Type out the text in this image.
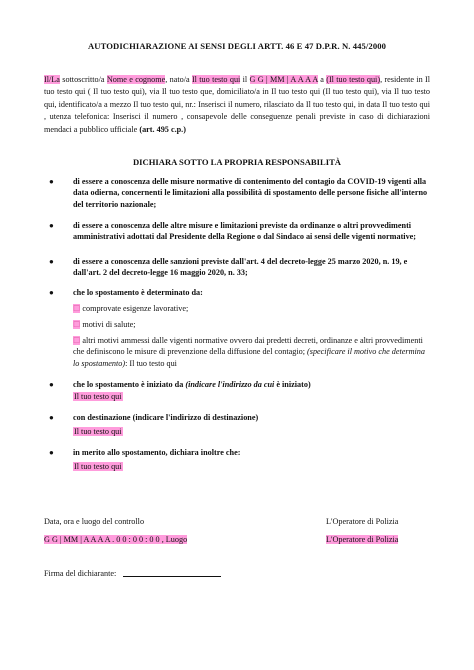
AUTODICHIARAZIONE AI SENSI DEGLI ARTT. 46 E 47 D.P.R. N. 445/2000
Il/La sottoscritto/a Nome e cognome, nato/a Il tuo testo qui il G G | MM | A A A A a (Il tuo testo qui), residente in Il tuo testo qui ( Il tuo testo qui), via Il tuo testo que, domiciliato/a in Il tuo testo qui (Il tuo testo qui), via Il tuo testo qui, identificato/a a mezzo Il tuo testo qui, nr.: Inserisci il numero, rilasciato da Il tuo testo qui, in data Il tuo testo qui , utenza telefonica: Inserisci il numero , consapevole delle conseguenze penali previste in caso di dichiarazioni mendaci a pubblico ufficiale (art. 495 c.p.)
DICHIARA SOTTO LA PROPRIA RESPONSABILITÀ
● di essere a conoscenza delle misure normative di contenimento del contagio da COVID-19 vigenti alla data odierna, concernenti le limitazioni alla possibilità di spostamento delle persone fisiche all'interno del territorio nazionale;
● di essere a conoscenza delle altre misure e limitazioni previste da ordinanze o altri provvedimenti amministrativi adottati dal Presidente della Regione o dal Sindaco ai sensi delle vigenti normative;
● di essere a conoscenza delle sanzioni previste dall'art. 4 del decreto-legge 25 marzo 2020, n. 19, e dall'art. 2 del decreto-legge 16 maggio 2020, n. 33;
● che lo spostamento è determinato da:
☐ comprovate esigenze lavorative;
☐ motivi di salute;
☐ altri motivi ammessi dalle vigenti normative ovvero dai predetti decreti, ordinanze e altri provvedimenti che definiscono le misure di prevenzione della diffusione del contagio; (specificare il motivo che determina lo spostamento): Il tuo testo qui
● che lo spostamento è iniziato da (indicare l'indirizzo da cui è iniziato)
Il tuo testo qui
● con destinazione (indicare l'indirizzo di destinazione)
Il tuo testo qui
● in merito allo spostamento, dichiara inoltre che:
Il tuo testo qui
Data, ora e luogo del controllo	L'Operatore di Polizia
G G | MM | A A A A . 0 0 : 0 0 : 0 0 , Luogo	L'Operatore di Polizia
Firma del dichiarante:
